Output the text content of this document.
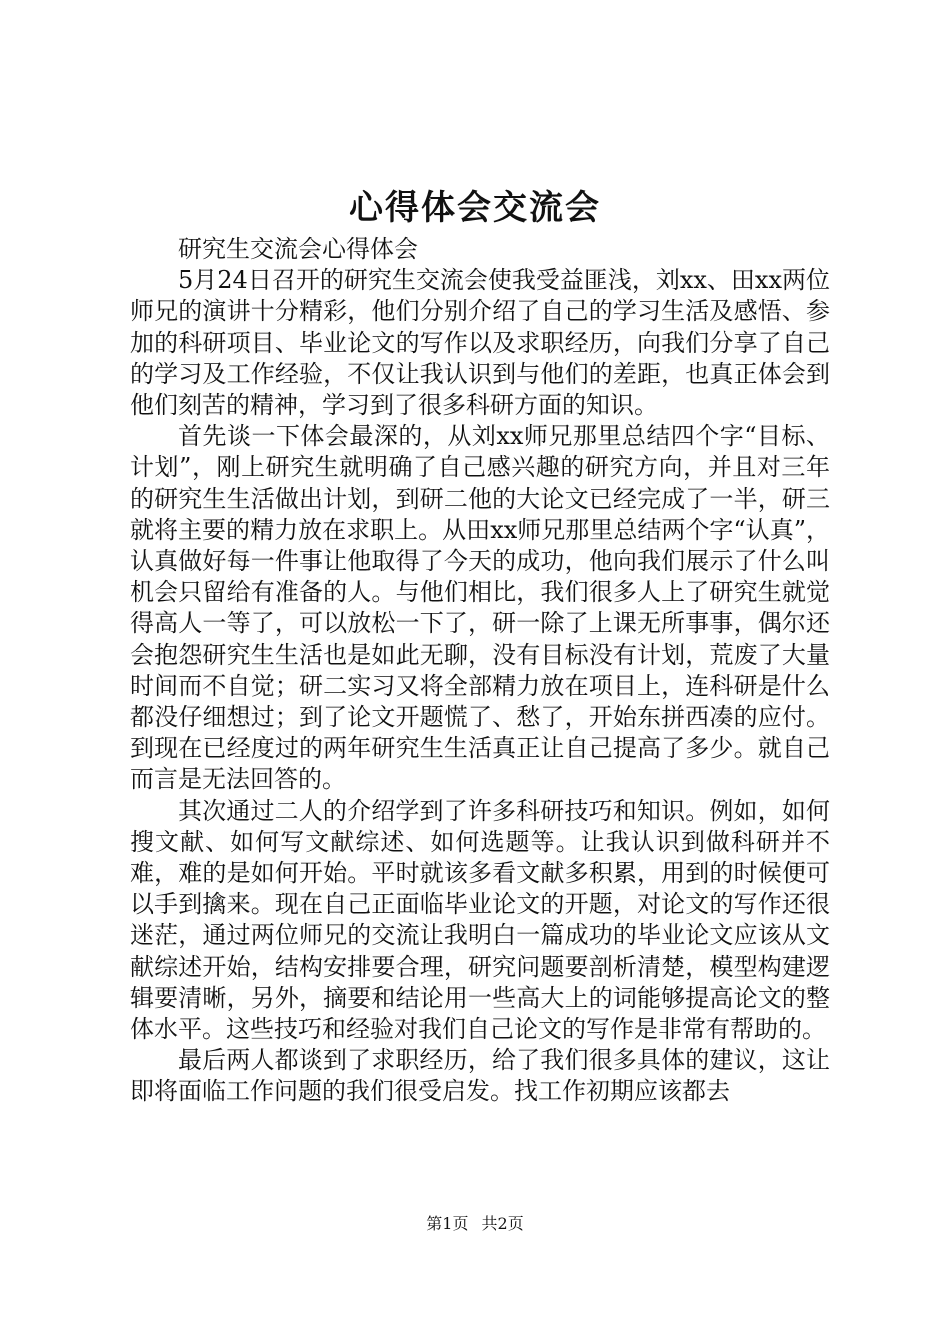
心得体会交流会

研究生交流会心得体会

5月24日召开的研究生交流会使我受益匪浅，刘xx、田xx两位师兄的演讲十分精彩，他们分别介绍了自己的学习生活及感悟、参加的科研项目、毕业论文的写作以及求职经历，向我们分享了自己的学习及工作经验，不仅让我认识到与他们的差距，也真正体会到他们刻苦的精神，学习到了很多科研方面的知识。

首先谈一下体会最深的，从刘xx师兄那里总结四个字“目标、计划”，刚上研究生就明确了自己感兴趣的研究方向，并且对三年的研究生生活做出计划，到研二他的大论文已经完成了一半，研三就将主要的精力放在求职上。从田xx师兄那里总结两个字“认真”，认真做好每一件事让他取得了今天的成功，他向我们展示了什么叫机会只留给有准备的人。与他们相比，我们很多人上了研究生就觉得高人一等了，可以放松一下了，研一除了上课无所事事，偶尔还会抱怨研究生生活也是如此无聊，没有目标没有计划，荒废了大量时间而不自觉；研二实习又将全部精力放在项目上，连科研是什么都没仔细想过；到了论文开题慌了、愁了，开始东拼西凑的应付。到现在已经度过的两年研究生生活真正让自己提高了多少。就自己而言是无法回答的。

其次通过二人的介绍学到了许多科研技巧和知识。例如，如何搜文献、如何写文献综述、如何选题等。让我认识到做科研并不难，难的是如何开始。平时就该多看文献多积累，用到的时候便可以手到擒来。现在自己正面临毕业论文的开题，对论文的写作还很迷茫，通过两位师兄的交流让我明白一篇成功的毕业论文应该从文献综述开始，结构安排要合理，研究问题要剖析清楚，模型构建逻辑要清晰，另外，摘要和结论用一些高大上的词能够提高论文的整体水平。这些技巧和经验对我们自己论文的写作是非常有帮助的。

最后两人都谈到了求职经历，给了我们很多具体的建议，这让即将面临工作问题的我们很受启发。找工作初期应该都去

第1页 共2页
